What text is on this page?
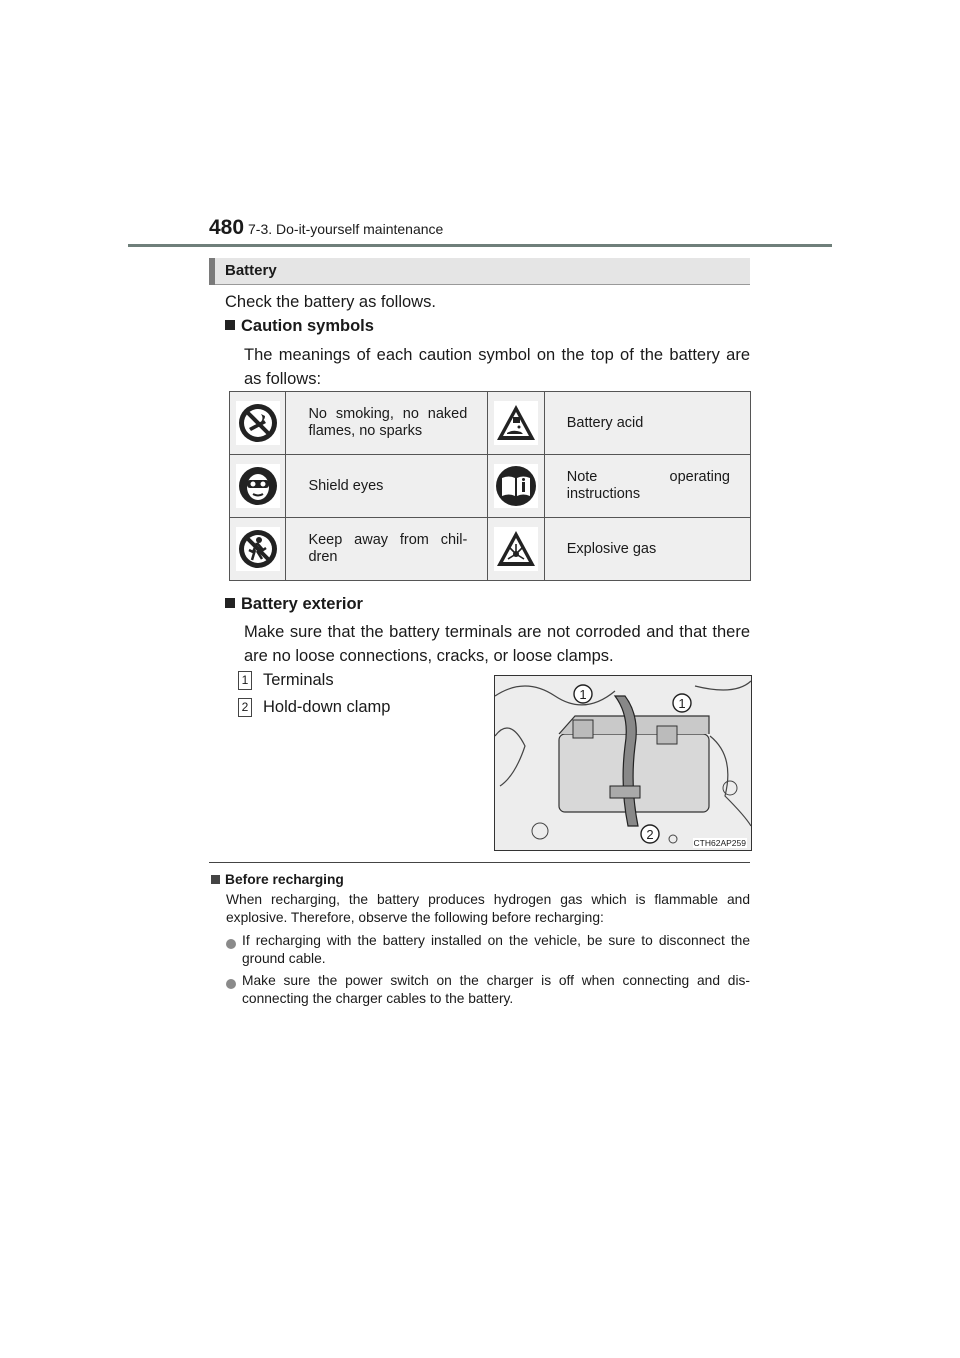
480 7-3. Do-it-yourself maintenance
Battery
Check the battery as follows.
Caution symbols
The meanings of each caution symbol on the top of the battery are as follows:
	No smoking, no naked flames, no sparks		Battery acid

	Shield eyes		Note operating instructions

	Keep away from chil-dren		Explosive gas
Battery exterior
Make sure that the battery terminals are not corroded and that there are no loose connections, cracks, or loose clamps.
1 Terminals
2 Hold-down clamp
1
1
2
CTH62AP259
Before recharging
When recharging, the battery produces hydrogen gas which is flammable and explosive. Therefore, observe the following before recharging:
If recharging with the battery installed on the vehicle, be sure to disconnect the ground cable.
Make sure the power switch on the charger is off when connecting and dis-connecting the charger cables to the battery.
